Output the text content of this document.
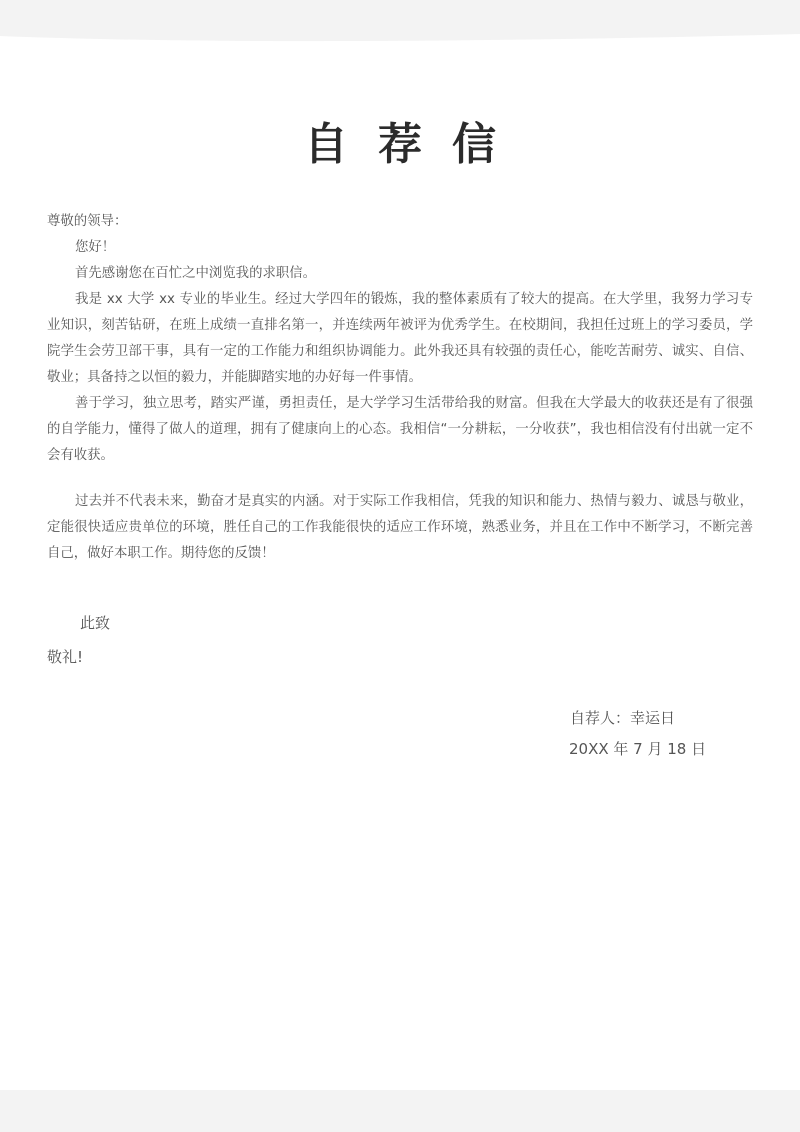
自荐信

尊敬的领导：

您好！

首先感谢您在百忙之中浏览我的求职信。

我是 xx 大学 xx 专业的毕业生。经过大学四年的锻炼，我的整体素质有了较大的提高。在大学里，我努力学习专业知识，刻苦钻研，在班上成绩一直排名第一，并连续两年被评为优秀学生。在校期间，我担任过班上的学习委员，学院学生会劳卫部干事，具有一定的工作能力和组织协调能力。此外我还具有较强的责任心，能吃苦耐劳、诚实、自信、敬业；具备持之以恒的毅力，并能脚踏实地的办好每一件事情。

善于学习，独立思考，踏实严谨，勇担责任，是大学学习生活带给我的财富。但我在大学最大的收获还是有了很强的自学能力，懂得了做人的道理，拥有了健康向上的心态。我相信“一分耕耘，一分收获”，我也相信没有付出就一定不会有收获。

过去并不代表未来，勤奋才是真实的内涵。对于实际工作我相信，凭我的知识和能力、热情与毅力、诚恳与敬业，定能很快适应贵单位的环境，胜任自己的工作我能很快的适应工作环境，熟悉业务，并且在工作中不断学习，不断完善自己，做好本职工作。期待您的反馈！

此致
敬礼!
自荐人：幸运日
20XX 年 7 月 18 日
